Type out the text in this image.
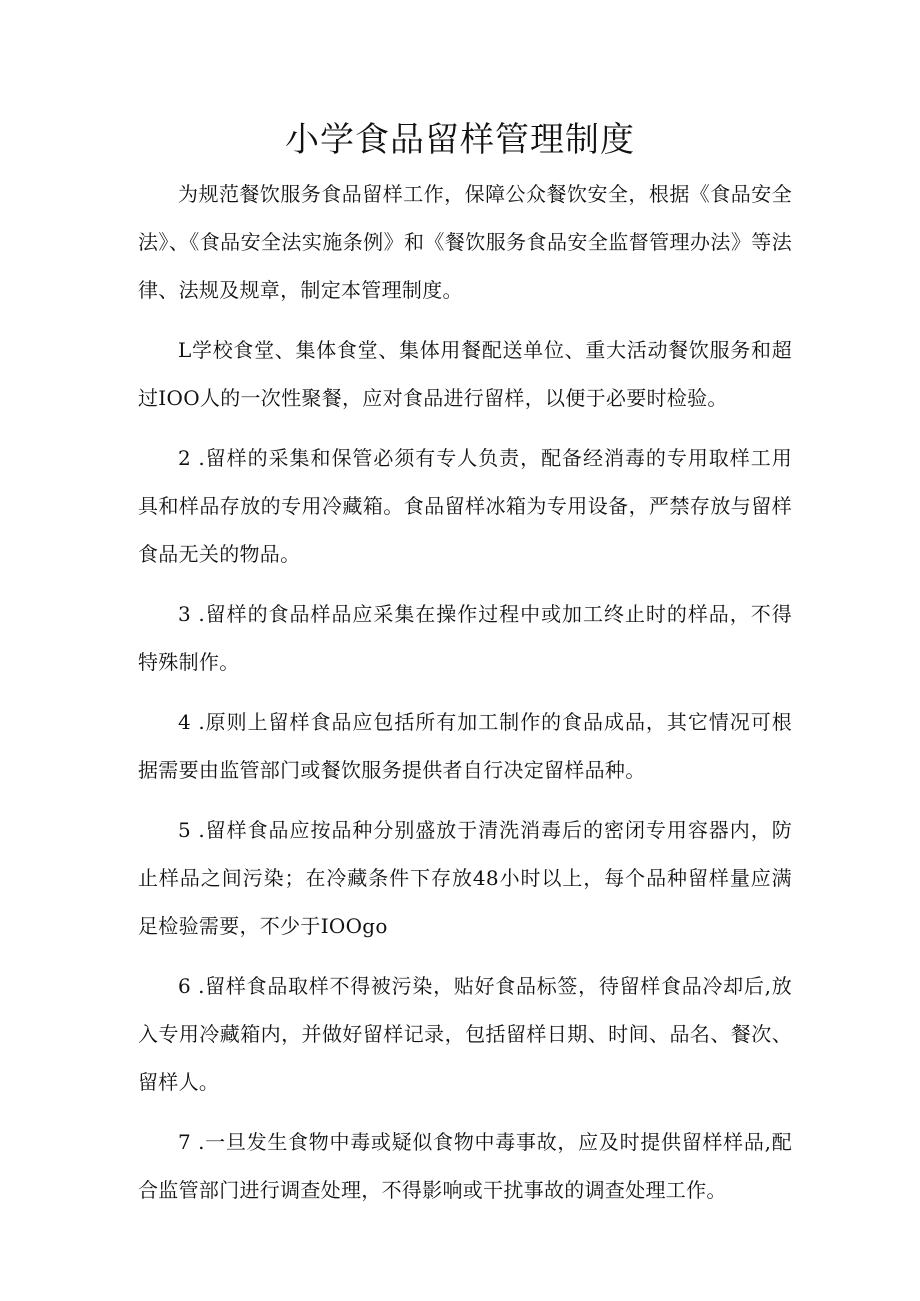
小学食品留样管理制度

为规范餐饮服务食品留样工作，保障公众餐饮安全，根据《食品安全法》、《食品安全法实施条例》和《餐饮服务食品安全监督管理办法》等法律、法规及规章，制定本管理制度。

L学校食堂、集体食堂、集体用餐配送单位、重大活动餐饮服务和超过IOO人的一次性聚餐，应对食品进行留样，以便于必要时检验。

2 .留样的采集和保管必须有专人负责，配备经消毒的专用取样工用具和样品存放的专用冷藏箱。食品留样冰箱为专用设备，严禁存放与留样食品无关的物品。

3 .留样的食品样品应采集在操作过程中或加工终止时的样品，不得特殊制作。

4 .原则上留样食品应包括所有加工制作的食品成品，其它情况可根据需要由监管部门或餐饮服务提供者自行决定留样品种。

5 .留样食品应按品种分别盛放于清洗消毒后的密闭专用容器内，防止样品之间污染；在冷藏条件下存放48小时以上，每个品种留样量应满足检验需要，不少于IOOgo

6 .留样食品取样不得被污染，贴好食品标签，待留样食品冷却后,放入专用冷藏箱内，并做好留样记录，包括留样日期、时间、品名、餐次、留样人。

7 .一旦发生食物中毒或疑似食物中毒事故，应及时提供留样样品,配合监管部门进行调查处理，不得影响或干扰事故的调查处理工作。
